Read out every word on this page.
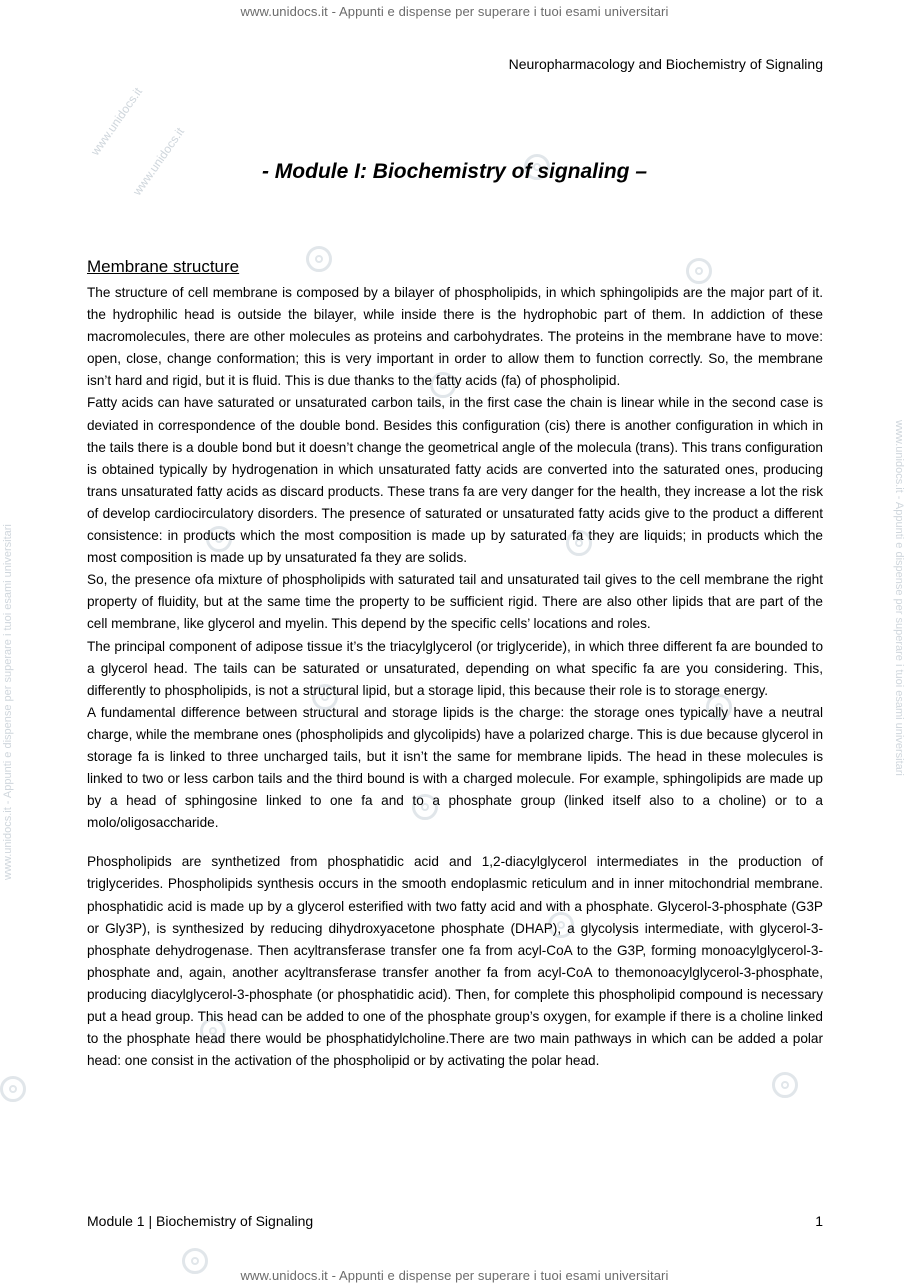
www.unidocs.it - Appunti e dispense per superare i tuoi esami universitari
www.unidocs.it
www.unidocs.it
www.unidocs.it - Appunti e dispense per superare i tuoi esami universitari	www.unidocs.it - Appunti e dispense per superare i tuoi esami universitari
Neuropharmacology and Biochemistry of Signaling
- Module I: Biochemistry of signaling –
Membrane structure

The structure of cell membrane is composed by a bilayer of phospholipids, in which sphingolipids are the major part of it. the hydrophilic head is outside the bilayer, while inside there is the hydrophobic part of them. In addiction of these macromolecules, there are other molecules as proteins and carbohydrates. The proteins in the membrane have to move: open, close, change conformation; this is very important in order to allow them to function correctly. So, the membrane isn’t hard and rigid, but it is fluid. This is due thanks to the fatty acids (fa) of phospholipid.

Fatty acids can have saturated or unsaturated carbon tails, in the first case the chain is linear while in the second case is deviated in correspondence of the double bond. Besides this configuration (cis) there is another configuration in which in the tails there is a double bond but it doesn’t change the geometrical angle of the molecula (trans). This trans configuration is obtained typically by hydrogenation in which unsaturated fatty acids are converted into the saturated ones, producing trans unsaturated fatty acids as discard products. These trans fa are very danger for the health, they increase a lot the risk of develop cardiocirculatory disorders. The presence of saturated or unsaturated fatty acids give to the product a different consistence: in products which the most composition is made up by saturated fa they are liquids; in products which the most composition is made up by unsaturated fa they are solids.

So, the presence ofa mixture of phospholipids with saturated tail and unsaturated tail gives to the cell membrane the right property of fluidity, but at the same time the property to be sufficient rigid. There are also other lipids that are part of the cell membrane, like glycerol and myelin. This depend by the specific cells’ locations and roles.

The principal component of adipose tissue it’s the triacylglycerol (or triglyceride), in which three different fa are bounded to a glycerol head. The tails can be saturated or unsaturated, depending on what specific fa are you considering. This, differently to phospholipids, is not a structural lipid, but a storage lipid, this because their role is to storage energy.

A fundamental difference between structural and storage lipids is the charge: the storage ones typically have a neutral charge, while the membrane ones (phospholipids and glycolipids) have a polarized charge. This is due because glycerol in storage fa is linked to three uncharged tails, but it isn’t the same for membrane lipids. The head in these molecules is linked to two or less carbon tails and the third bound is with a charged molecule. For example, sphingolipids are made up by a head of sphingosine linked to one fa and to a phosphate group (linked itself also to a choline) or to a molo/oligosaccharide.

Phospholipids are synthetized from phosphatidic acid and 1,2-diacylglycerol intermediates in the production of triglycerides. Phospholipids synthesis occurs in the smooth endoplasmic reticulum and in inner mitochondrial membrane. phosphatidic acid is made up by a glycerol esterified with two fatty acid and with a phosphate. Glycerol-3-phosphate (G3P or Gly3P), is synthesized by reducing dihydroxyacetone phosphate (DHAP), a glycolysis intermediate, with glycerol-3-phosphate dehydrogenase. Then acyltransferase transfer one fa from acyl-CoA to the G3P, forming monoacylglycerol-3-phosphate and, again, another acyltransferase transfer another fa from acyl-CoA to themonoacylglycerol-3-phosphate, producing diacylglycerol-3-phosphate (or phosphatidic acid). Then, for complete this phospholipid compound is necessary put a head group. This head can be added to one of the phosphate group’s oxygen, for example if there is a choline linked to the phosphate head there would be phosphatidylcholine.There are two main pathways in which can be added a polar head: one consist in the activation of the phospholipid or by activating the polar head.

Module 1 | Biochemistry of Signaling	1
www.unidocs.it - Appunti e dispense per superare i tuoi esami universitari
